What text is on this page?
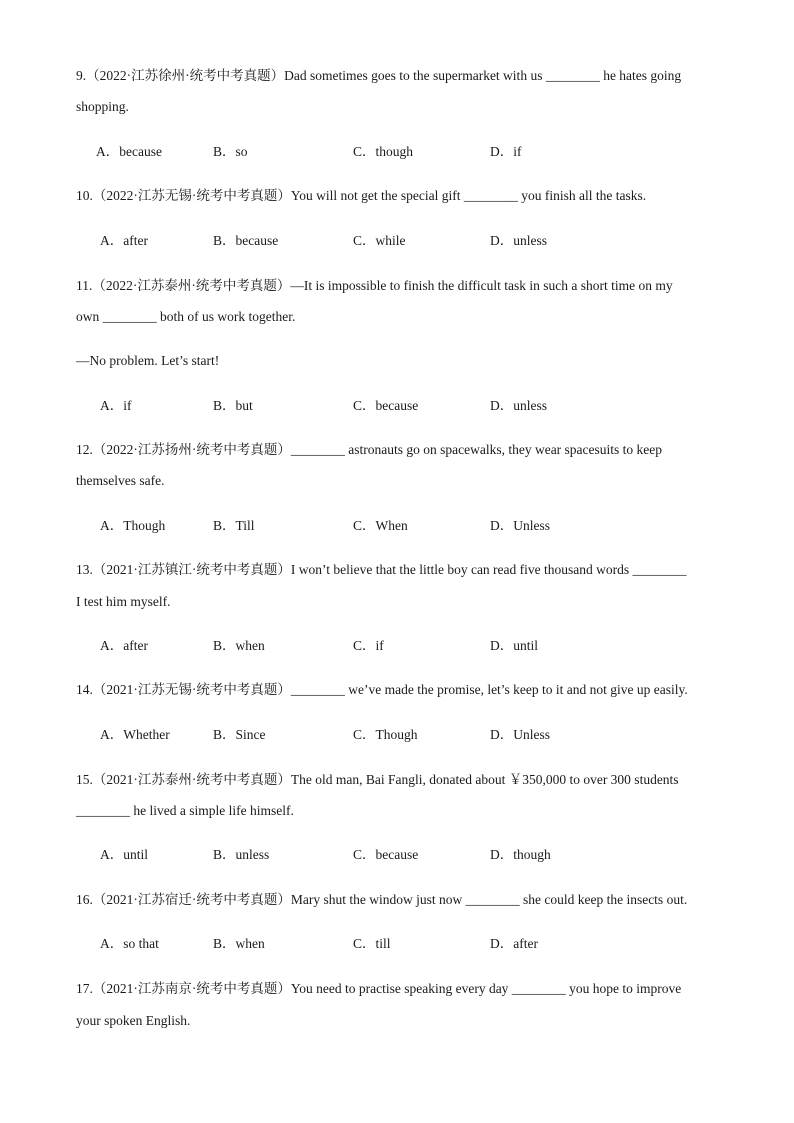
9.（2022·江苏徐州·统考中考真题）Dad sometimes goes to the supermarket with us ________ he hates going
shopping.
A．because	B．so	C．though	D．if
10.（2022·江苏无锡·统考中考真题）You will not get the special gift ________ you finish all the tasks.
A．after	B．because	C．while	D．unless
11.（2022·江苏泰州·统考中考真题）—It is impossible to finish the difficult task in such a short time on my
own ________ both of us work together.
—No problem. Let’s start!
A．if	B．but	C．because	D．unless
12.（2022·江苏扬州·统考中考真题）________ astronauts go on spacewalks, they wear spacesuits to keep
themselves safe.
A．Though	B．Till	C．When	D．Unless
13.（2021·江苏镇江·统考中考真题）I won’t believe that the little boy can read five thousand words ________
I test him myself.
A．after	B．when	C．if	D．until
14.（2021·江苏无锡·统考中考真题）________ we’ve made the promise, let’s keep to it and not give up easily.
A．Whether	B．Since	C．Though	D．Unless
15.（2021·江苏泰州·统考中考真题）The old man, Bai Fangli, donated about ￥350,000 to over 300 students
________ he lived a simple life himself.
A．until	B．unless	C．because	D．though
16.（2021·江苏宿迁·统考中考真题）Mary shut the window just now ________ she could keep the insects out.
A．so that	B．when	C．till	D．after
17.（2021·江苏南京·统考中考真题）You need to practise speaking every day ________ you hope to improve
your spoken English.
